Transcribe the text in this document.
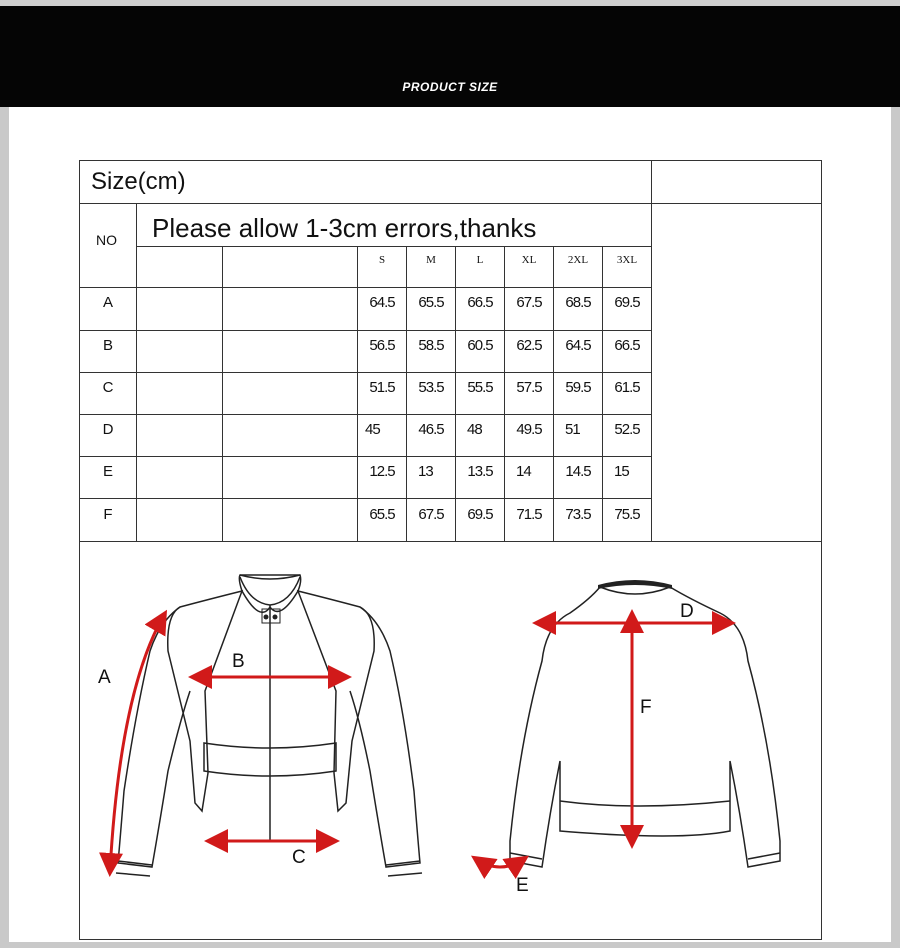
PRODUCT SIZE
Size(cm)
Please allow 1-3cm errors,thanks
NO
S	M	L	XL	2XL	3XL
A	64.5	65.5	66.5	67.5	68.5	69.5
B	56.5	58.5	60.5	62.5	64.5	66.5
C	51.5	53.5	55.5	57.5	59.5	61.5
D	45	46.5	48	49.5	51	52.5
E	12.5	13	13.5	14	14.5	15
F	65.5	67.5	69.5	71.5	73.5	75.5
A
B
C
D
F
E
